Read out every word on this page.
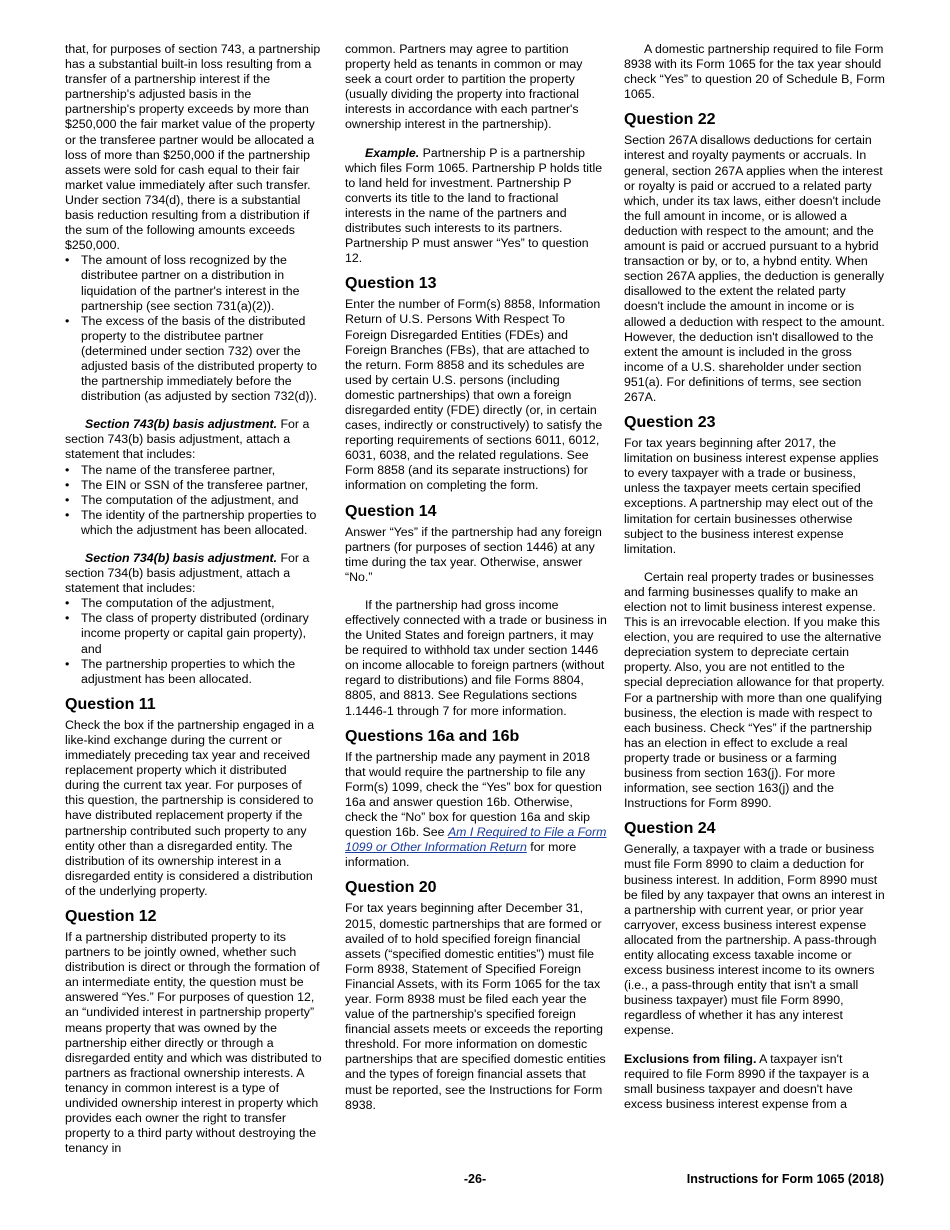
that, for purposes of section 743, a partnership has a substantial built-in loss resulting from a transfer of a partnership interest if the partnership's adjusted basis in the partnership's property exceeds by more than $250,000 the fair market value of the property or the transferee partner would be allocated a loss of more than $250,000 if the partnership assets were sold for cash equal to their fair market value immediately after such transfer. Under section 734(d), there is a substantial basis reduction resulting from a distribution if the sum of the following amounts exceeds $250,000.

• The amount of loss recognized by the distributee partner on a distribution in liquidation of the partner's interest in the partnership (see section 731(a)(2)).

• The excess of the basis of the distributed property to the distributee partner (determined under section 732) over the adjusted basis of the distributed property to the partnership immediately before the distribution (as adjusted by section 732(d)).

Section 743(b) basis adjustment. For a section 743(b) basis adjustment, attach a statement that includes:

• The name of the transferee partner,

• The EIN or SSN of the transferee partner,

• The computation of the adjustment, and

• The identity of the partnership properties to which the adjustment has been allocated.

Section 734(b) basis adjustment. For a section 734(b) basis adjustment, attach a statement that includes:

• The computation of the adjustment,

• The class of property distributed (ordinary income property or capital gain property), and

• The partnership properties to which the adjustment has been allocated.

Question 11

Check the box if the partnership engaged in a like-kind exchange during the current or immediately preceding tax year and received replacement property which it distributed during the current tax year. For purposes of this question, the partnership is considered to have distributed replacement property if the partnership contributed such property to any entity other than a disregarded entity. The distribution of its ownership interest in a disregarded entity is considered a distribution of the underlying property.

Question 12

If a partnership distributed property to its partners to be jointly owned, whether such distribution is direct or through the formation of an intermediate entity, the question must be answered “Yes.” For purposes of question 12, an “undivided interest in partnership property” means property that was owned by the partnership either directly or through a disregarded entity and which was distributed to partners as fractional ownership interests. A tenancy in common interest is a type of undivided ownership interest in property which provides each owner the right to transfer property to a third party without destroying the tenancy in

common. Partners may agree to partition property held as tenants in common or may seek a court order to partition the property (usually dividing the property into fractional interests in accordance with each partner's ownership interest in the partnership).

Example. Partnership P is a partnership which files Form 1065. Partnership P holds title to land held for investment. Partnership P converts its title to the land to fractional interests in the name of the partners and distributes such interests to its partners. Partnership P must answer “Yes” to question 12.

Question 13

Enter the number of Form(s) 8858, Information Return of U.S. Persons With Respect To Foreign Disregarded Entities (FDEs) and Foreign Branches (FBs), that are attached to the return. Form 8858 and its schedules are used by certain U.S. persons (including domestic partnerships) that own a foreign disregarded entity (FDE) directly (or, in certain cases, indirectly or constructively) to satisfy the reporting requirements of sections 6011, 6012, 6031, 6038, and the related regulations. See Form 8858 (and its separate instructions) for information on completing the form.

Question 14

Answer “Yes” if the partnership had any foreign partners (for purposes of section 1446) at any time during the tax year. Otherwise, answer “No.”

If the partnership had gross income effectively connected with a trade or business in the United States and foreign partners, it may be required to withhold tax under section 1446 on income allocable to foreign partners (without regard to distributions) and file Forms 8804, 8805, and 8813. See Regulations sections 1.1446-1 through 7 for more information.

Questions 16a and 16b

If the partnership made any payment in 2018 that would require the partnership to file any Form(s) 1099, check the “Yes” box for question 16a and answer question 16b. Otherwise, check the “No” box for question 16a and skip question 16b. See Am I Required to File a Form 1099 or Other Information Return for more information.

Question 20

For tax years beginning after December 31, 2015, domestic partnerships that are formed or availed of to hold specified foreign financial assets (“specified domestic entities”) must file Form 8938, Statement of Specified Foreign Financial Assets, with its Form 1065 for the tax year. Form 8938 must be filed each year the value of the partnership's specified foreign financial assets meets or exceeds the reporting threshold. For more information on domestic partnerships that are specified domestic entities and the types of foreign financial assets that must be reported, see the Instructions for Form 8938.

A domestic partnership required to file Form 8938 with its Form 1065 for the tax year should check “Yes” to question 20 of Schedule B, Form 1065.

Question 22

Section 267A disallows deductions for certain interest and royalty payments or accruals. In general, section 267A applies when the interest or royalty is paid or accrued to a related party which, under its tax laws, either doesn't include the full amount in income, or is allowed a deduction with respect to the amount; and the amount is paid or accrued pursuant to a hybrid transaction or by, or to, a hybnd entity. When section 267A applies, the deduction is generally disallowed to the extent the related party doesn't include the amount in income or is allowed a deduction with respect to the amount. However, the deduction isn't disallowed to the extent the amount is included in the gross income of a U.S. shareholder under section 951(a). For definitions of terms, see section 267A.

Question 23

For tax years beginning after 2017, the limitation on business interest expense applies to every taxpayer with a trade or business, unless the taxpayer meets certain specified exceptions. A partnership may elect out of the limitation for certain businesses otherwise subject to the business interest expense limitation.

Certain real property trades or businesses and farming businesses qualify to make an election not to limit business interest expense. This is an irrevocable election. If you make this election, you are required to use the alternative depreciation system to depreciate certain property. Also, you are not entitled to the special depreciation allowance for that property. For a partnership with more than one qualifying business, the election is made with respect to each business. Check “Yes” if the partnership has an election in effect to exclude a real property trade or business or a farming business from section 163(j). For more information, see section 163(j) and the Instructions for Form 8990.

Question 24

Generally, a taxpayer with a trade or business must file Form 8990 to claim a deduction for business interest. In addition, Form 8990 must be filed by any taxpayer that owns an interest in a partnership with current year, or prior year carryover, excess business interest expense allocated from the partnership. A pass-through entity allocating excess taxable income or excess business interest income to its owners (i.e., a pass-through entity that isn't a small business taxpayer) must file Form 8990, regardless of whether it has any interest expense.

Exclusions from filing. A taxpayer isn't required to file Form 8990 if the taxpayer is a small business taxpayer and doesn't have excess business interest expense from a

-26-	Instructions for Form 1065 (2018)
